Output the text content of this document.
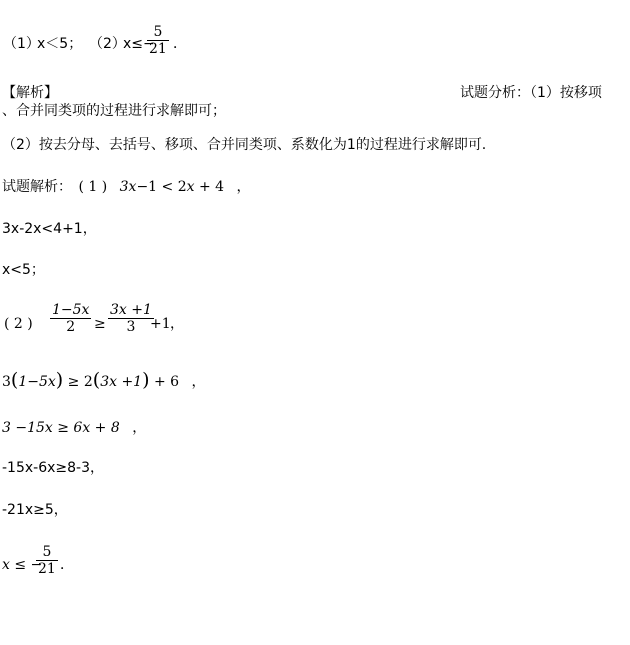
（1）
x＜5； （2）
x≤−
5
21 ．
【解析】	试题分析：（1）按移项
、合并同类项的过程进行求解即可；
（2）按去分母、去括号、移项、合并同类项、系数化为1的过程进行求解即可.
试题解析： ( 1 ) 3x−1 < 2x + 4 ，
3x-2x<4+1，
x<5；
( 2 )
1−5x
2	≥
3x +1
3	+1 ，
3(1−5x) ≥ 2(3x +1) + 6 ，
3 −15x ≥ 6x + 8 ，
-15x-6x≥8-3，
-21x≥5，
x ≤ −
5
21 ．
